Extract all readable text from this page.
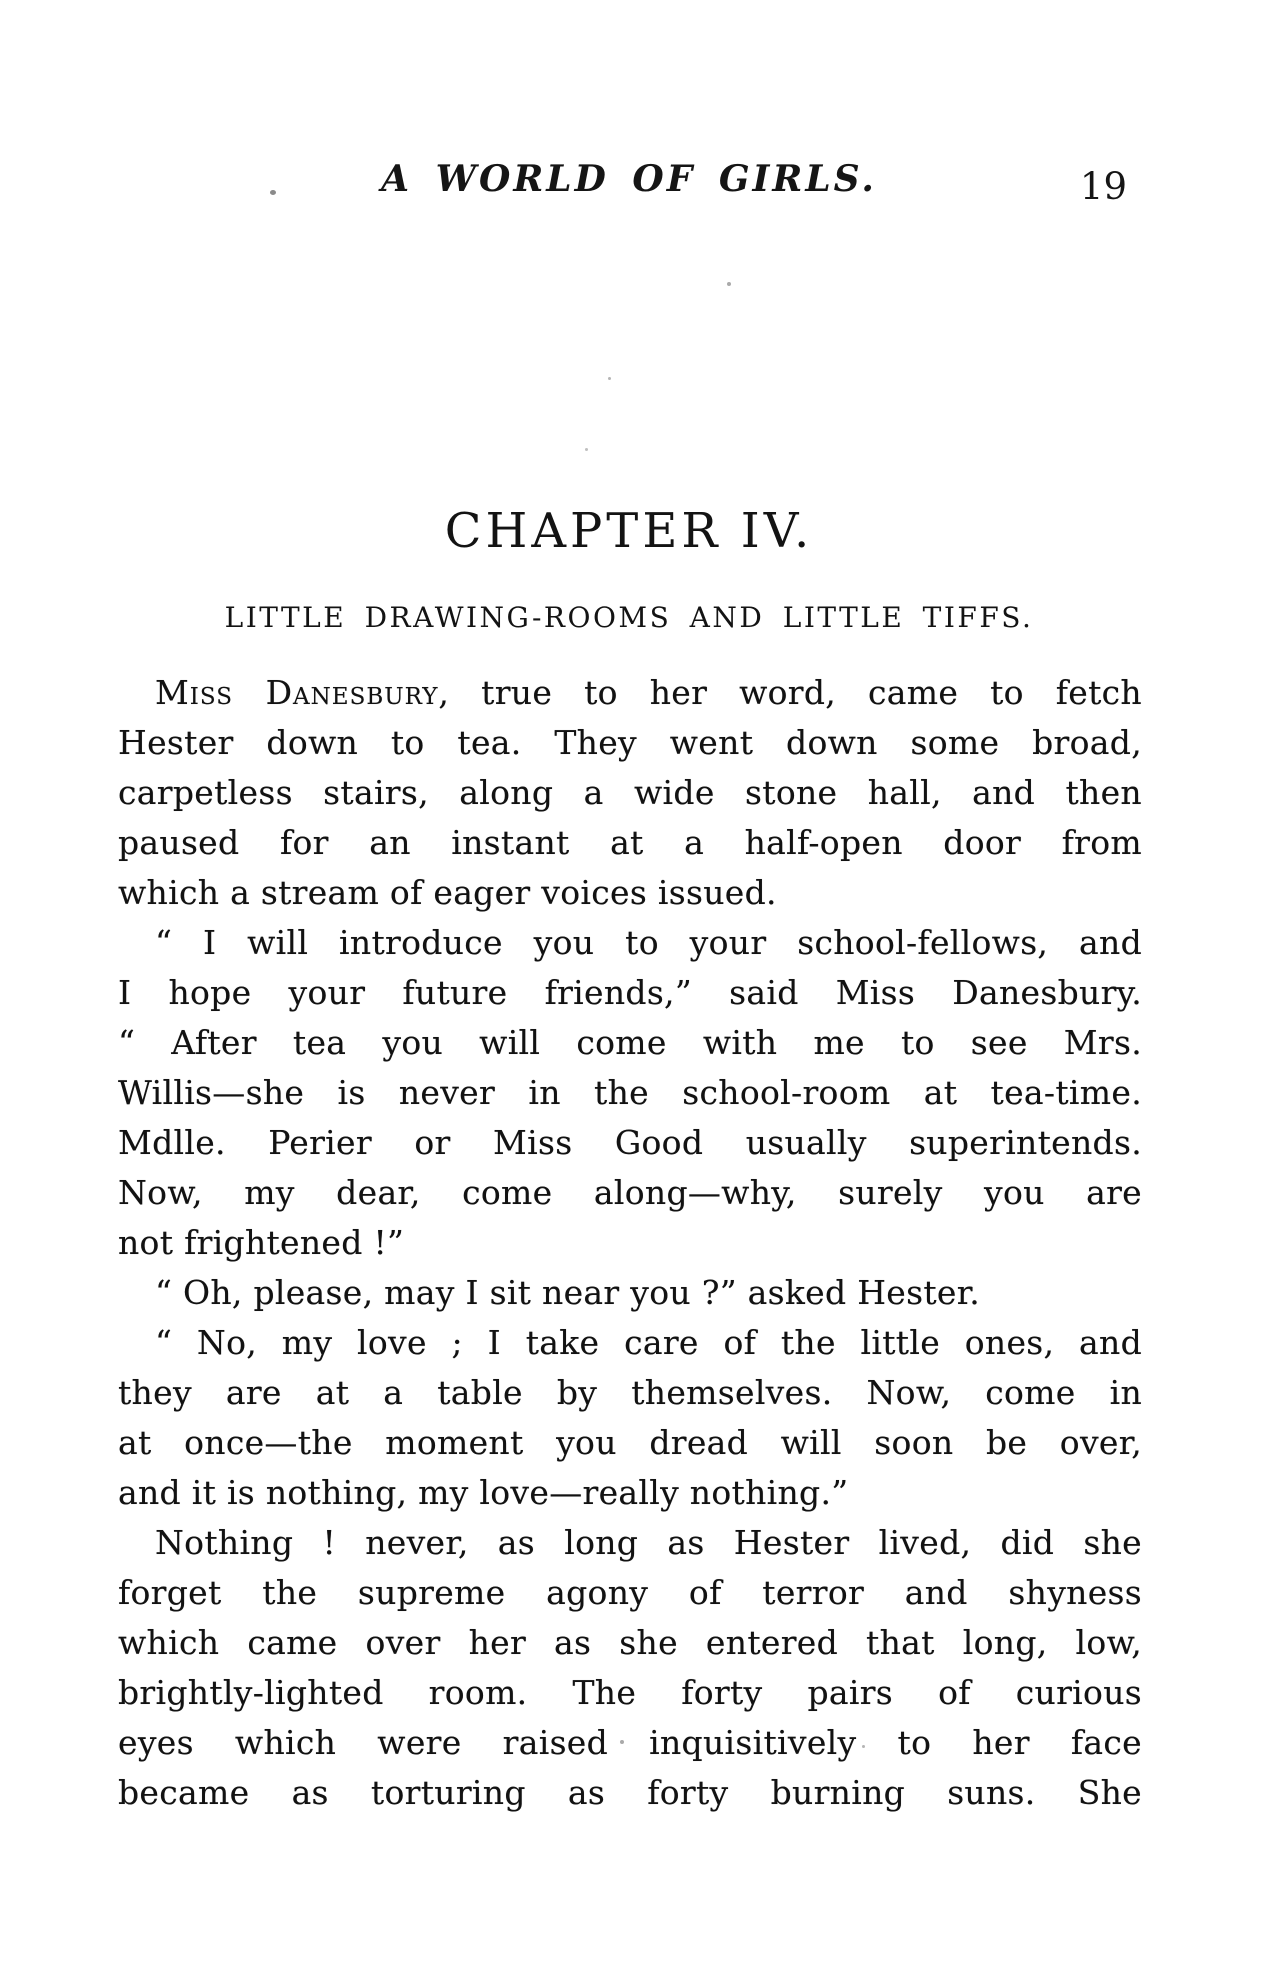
A WORLD OF GIRLS.	19
CHAPTER IV.
LITTLE DRAWING-ROOMS AND LITTLE TIFFS.
Miss Danesbury, true to her word, came to fetch
Hester down to tea. They went down some broad,
carpetless stairs, along a wide stone hall, and then
paused for an instant at a half-open door from
which a stream of eager voices issued.
“ I will introduce you to your school-fellows, and
I hope your future friends,” said Miss Danesbury.
“ After tea you will come with me to see Mrs.
Willis—she is never in the school-room at tea-time.
Mdlle. Perier or Miss Good usually superintends.
Now, my dear, come along—why, surely you are
not frightened !”
“ Oh, please, may I sit near you ?” asked Hester.
“ No, my love ; I take care of the little ones, and
they are at a table by themselves. Now, come in
at once—the moment you dread will soon be over,
and it is nothing, my love—really nothing.”
Nothing ! never, as long as Hester lived, did she
forget the supreme agony of terror and shyness
which came over her as she entered that long, low,
brightly-lighted room. The forty pairs of curious
eyes which were raised inquisitively to her face
became as torturing as forty burning suns. She
